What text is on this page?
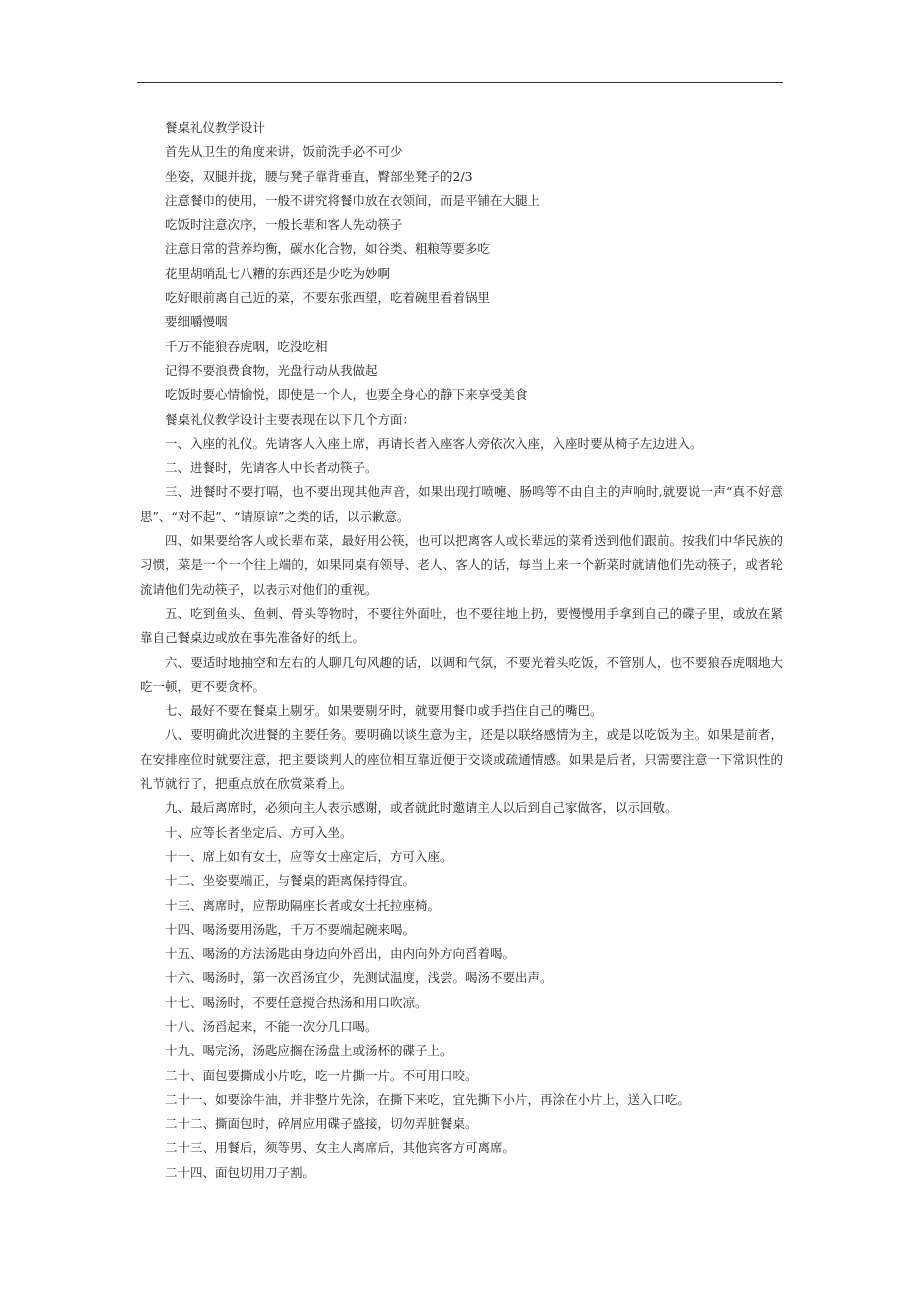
餐桌礼仪教学设计

首先从卫生的角度来讲，饭前洗手必不可少

坐姿，双腿并拢，腰与凳子靠背垂直，臀部坐凳子的2/3

注意餐巾的使用，一般不讲究将餐巾放在衣领间，而是平铺在大腿上

吃饭时注意次序，一般长辈和客人先动筷子

注意日常的营养均衡，碳水化合物，如谷类、粗粮等要多吃

花里胡哨乱七八糟的东西还是少吃为妙啊

吃好眼前离自己近的菜，不要东张西望，吃着碗里看着锅里

要细嚼慢咽

千万不能狼吞虎咽，吃没吃相

记得不要浪费食物，光盘行动从我做起

吃饭时要心情愉悦，即使是一个人，也要全身心的静下来享受美食

餐桌礼仪教学设计主要表现在以下几个方面：

一、入座的礼仪。先请客人入座上席，再请长者入座客人旁依次入座，入座时要从椅子左边进入。

二、进餐时，先请客人中长者动筷子。

三、进餐时不要打嗝，也不要出现其他声音，如果出现打喷嚏、肠鸣等不由自主的声响时,就要说一声“真不好意思”、“对不起”、“请原谅”之类的话，以示歉意。

四、如果要给客人或长辈布菜，最好用公筷，也可以把离客人或长辈远的菜肴送到他们跟前。按我们中华民族的习惯，菜是一个一个往上端的，如果同桌有领导、老人、客人的话，每当上来一个新菜时就请他们先动筷子，或者轮流请他们先动筷子，以表示对他们的重视。

五、吃到鱼头、鱼刺、骨头等物时，不要往外面吐，也不要往地上扔，要慢慢用手拿到自己的碟子里，或放在紧靠自己餐桌边或放在事先准备好的纸上。

六、要适时地抽空和左右的人聊几句风趣的话，以调和气氛，不要光着头吃饭，不管别人，也不要狼吞虎咽地大吃一顿，更不要贪杯。

七、最好不要在餐桌上剔牙。如果要剔牙时，就要用餐巾或手挡住自己的嘴巴。

八、要明确此次进餐的主要任务。要明确以谈生意为主，还是以联络感情为主，或是以吃饭为主。如果是前者，在安排座位时就要注意，把主要谈判人的座位相互靠近便于交谈或疏通情感。如果是后者，只需要注意一下常识性的礼节就行了，把重点放在欣赏菜肴上。

九、最后离席时，必须向主人表示感谢，或者就此时邀请主人以后到自己家做客，以示回敬。

十、应等长者坐定后、方可入坐。

十一、席上如有女士，应等女士座定后，方可入座。

十二、坐姿要端正，与餐桌的距离保持得宜。

十三、离席时，应帮助隔座长者或女士托拉座椅。

十四、喝汤要用汤匙，千万不要端起碗来喝。

十五、喝汤的方法汤匙由身边向外舀出，由内向外方向舀着喝。

十六、喝汤时，第一次舀汤宜少，先测试温度，浅尝。喝汤不要出声。

十七、喝汤时，不要任意搅合热汤和用口吹凉。

十八、汤舀起来，不能一次分几口喝。

十九、喝完汤，汤匙应搁在汤盘上或汤杯的碟子上。

二十、面包要撕成小片吃，吃一片撕一片。不可用口咬。

二十一、如要涂牛油，并非整片先涂，在撕下来吃，宜先撕下小片，再涂在小片上，送入口吃。

二十二、撕面包时，碎屑应用碟子盛接，切勿弄脏餐桌。

二十三、用餐后，须等男、女主人离席后，其他宾客方可离席。

二十四、面包切用刀子割。
